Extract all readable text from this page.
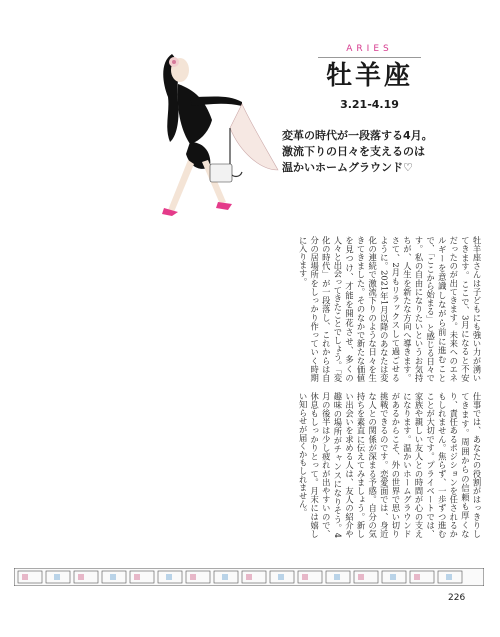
ARIES
牡羊座
3.21-4.19
変革の時代が一段落する4月。
激流下りの日々を支えるのは
温かいホームグラウンド♡
牡羊座さんは子どもにも強い力が湧いてきます。ここで、3月になると不安だったのが出てきます。未来へのエネルギーを意識しながら前に進むことで、「ここから始まる」と感じる日々です。私の自由になりたいというお気持ちが、人生を新たな方向へ導きます。さて、2月もリラックスして過ごせるように。2021年1月以降のあなたは変化の連続で激流下りのような日々を生きてきました。そのなかで新たな価値を見つけ、才能を開花させ、多くの人々と出会ってきたことでしょう。「変化の時代」が一段落し、これからは自分の居場所をしっかり作っていく時期に入ります。
仕事では、あなたの役割がはっきりしてきます。周囲からの信頼も厚くなり、責任あるポジションを任されるかもしれません。焦らず、一歩ずつ進むことが大切です。プライベートでは、家族や親しい友人との時間が心の支えになります。温かいホームグラウンドがあるからこそ、外の世界で思い切り挑戦できるのです。恋愛面では、身近な人との関係が深まる予感。自分の気持ちを素直に伝えてみましょう。新しい出会いを求める人は、友人の紹介や趣味の場所がチャンスになりそう。4月の後半は少し疲れが出やすいので、休息もしっかりとって。月末には嬉しい知らせが届くかもしれません。
226
